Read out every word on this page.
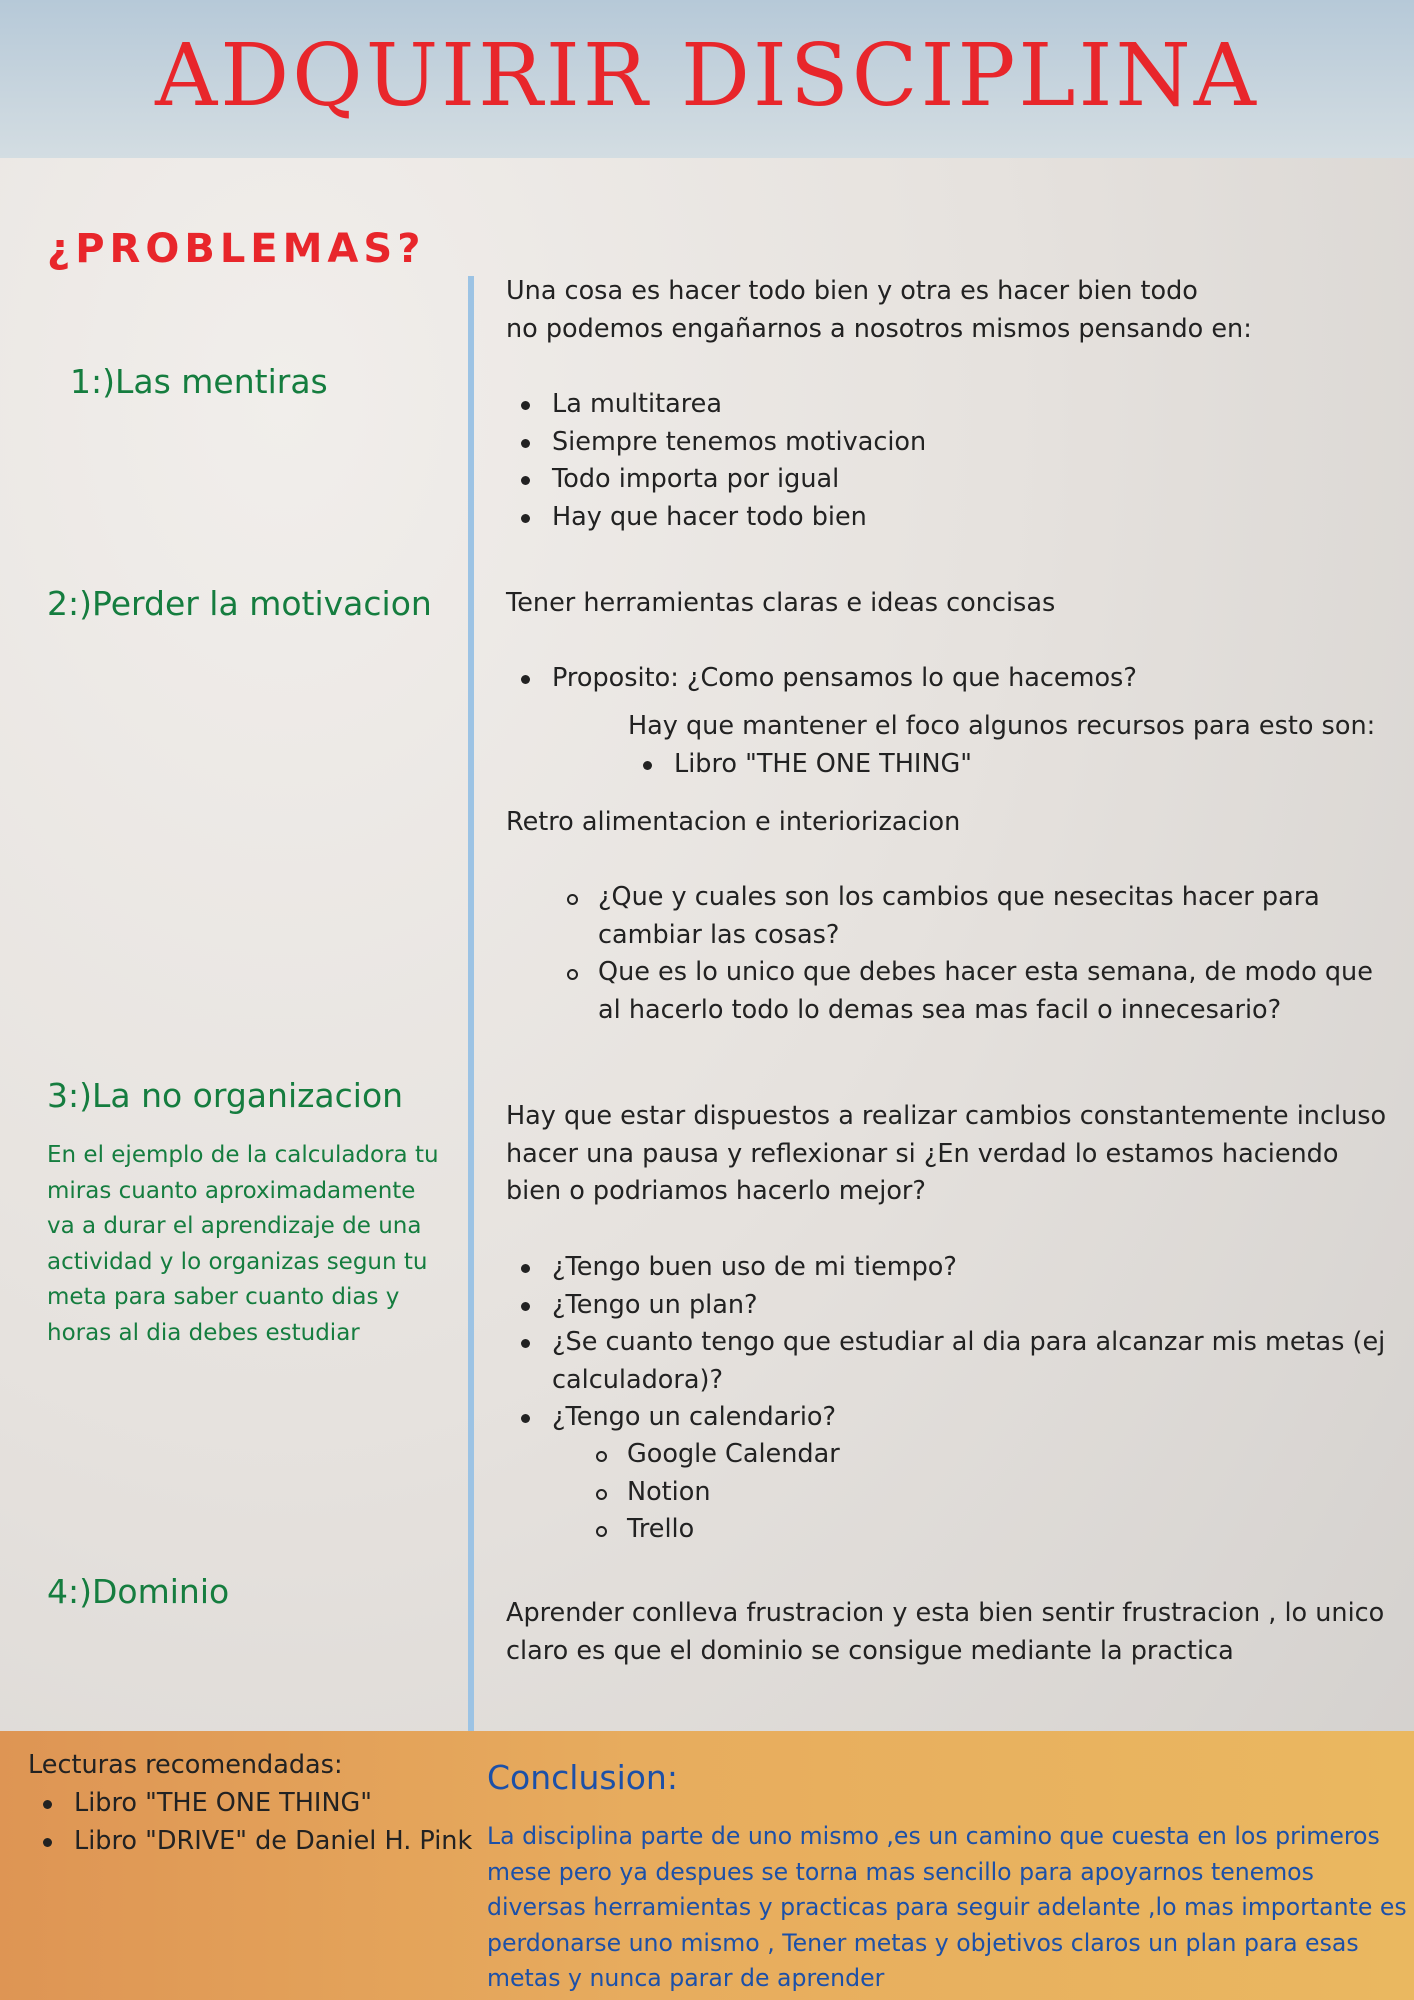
ADQUIRIR DISCIPLINA
¿PROBLEMAS?
1:)Las mentiras

Una cosa es hacer todo bien y otra es hacer bien todo
no podemos engañarnos a nosotros mismos pensando en:

La multitarea
Siempre tenemos motivacion
Todo importa por igual
Hay que hacer todo bien
2:)Perder la motivacion	Tener herramientas claras e ideas concisas

Proposito: ¿Como pensamos lo que hacemos?

Hay que mantener el foco algunos recursos para esto son:

Libro "THE ONE THING"

Retro alimentacion e interiorizacion

¿Que y cuales son los cambios que nesecitas hacer para cambiar las cosas?
Que es lo unico que debes hacer esta semana, de modo que al hacerlo todo lo demas sea mas facil o innecesario?
3:)La no organizacion

En el ejemplo de la calculadora tu miras cuanto aproximadamente va a durar el aprendizaje de una actividad y lo organizas segun tu meta para saber cuanto dias y horas al dia debes estudiar

Hay que estar dispuestos a realizar cambios constantemente incluso hacer una pausa y reflexionar si ¿En verdad lo estamos haciendo bien o podriamos hacerlo mejor?

¿Tengo buen uso de mi tiempo?
¿Tengo un plan?
¿Se cuanto tengo que estudiar al dia para alcanzar mis metas (ej calculadora)?
¿Tengo un calendario?
Google Calendar
Notion
Trello
4:)Dominio

Aprender conlleva frustracion y esta bien sentir frustracion , lo unico claro es que el dominio se consigue mediante la practica

Lecturas recomendadas:

Libro "THE ONE THING"
Libro "DRIVE" de Daniel H. Pink
Conclusion:

La disciplina parte de uno mismo ,es un camino que cuesta en los primeros mese pero ya despues se torna mas sencillo para apoyarnos tenemos diversas herramientas y practicas para seguir adelante ,lo mas importante es perdonarse uno mismo , Tener metas y objetivos claros un plan para esas metas y nunca parar de aprender
